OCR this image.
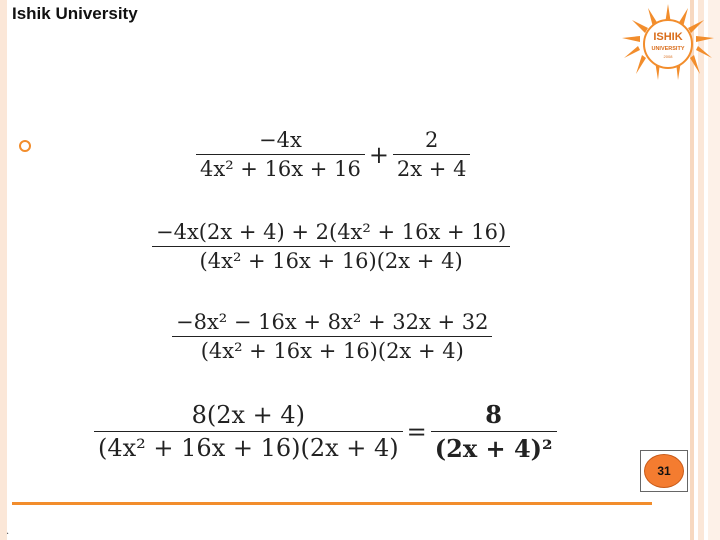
Ishik University
ISHIK
UNIVERSITY
2008
$\frac{-4x}{\text{4x² + 16x + 16}} + \frac{2}{2x + 4}$
$\frac{\text{−4x(2x + 4) + 2(4x² + 16x + 16)}}{\text{(4x² + 16x + 16)(2x + 4)}}$
$\frac{\text{−8x² − 16x + 8x² + 32x + 32}}{\text{(4x² + 16x + 16)(2x + 4)}}$
$\frac{8(2x + 4)}{\text{(4x² + 16x + 16)(2x + 4)}} = \frac{8}{\text{(2x + 4)²}}$
31
.
